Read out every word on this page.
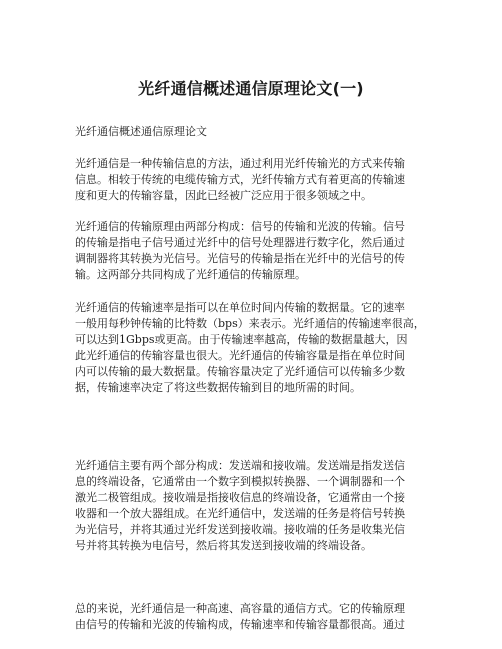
光纤通信概述通信原理论文(一)
光纤通信概述通信原理论文
光纤通信是一种传输信息的方法，通过利用光纤传输光的方式来传输
信息。相较于传统的电缆传输方式，光纤传输方式有着更高的传输速
度和更大的传输容量，因此已经被广泛应用于很多领域之中。
光纤通信的传输原理由两部分构成：信号的传输和光波的传输。信号
的传输是指电子信号通过光纤中的信号处理器进行数字化，然后通过
调制器将其转换为光信号。光信号的传输是指在光纤中的光信号的传
输。这两部分共同构成了光纤通信的传输原理。
光纤通信的传输速率是指可以在单位时间内传输的数据量。它的速率
一般用每秒钟传输的比特数（bps）来表示。光纤通信的传输速率很高，
可以达到1Gbps或更高。由于传输速率越高，传输的数据量越大，因
此光纤通信的传输容量也很大。光纤通信的传输容量是指在单位时间
内可以传输的最大数据量。传输容量决定了光纤通信可以传输多少数
据，传输速率决定了将这些数据传输到目的地所需的时间。
光纤通信主要有两个部分构成：发送端和接收端。发送端是指发送信
息的终端设备，它通常由一个数字到模拟转换器、一个调制器和一个
激光二极管组成。接收端是指接收信息的终端设备，它通常由一个接
收器和一个放大器组成。在光纤通信中，发送端的任务是将信号转换
为光信号，并将其通过光纤发送到接收端。接收端的任务是收集光信
号并将其转换为电信号，然后将其发送到接收端的终端设备。
总的来说，光纤通信是一种高速、高容量的通信方式。它的传输原理
由信号的传输和光波的传输构成，传输速率和传输容量都很高。通过
